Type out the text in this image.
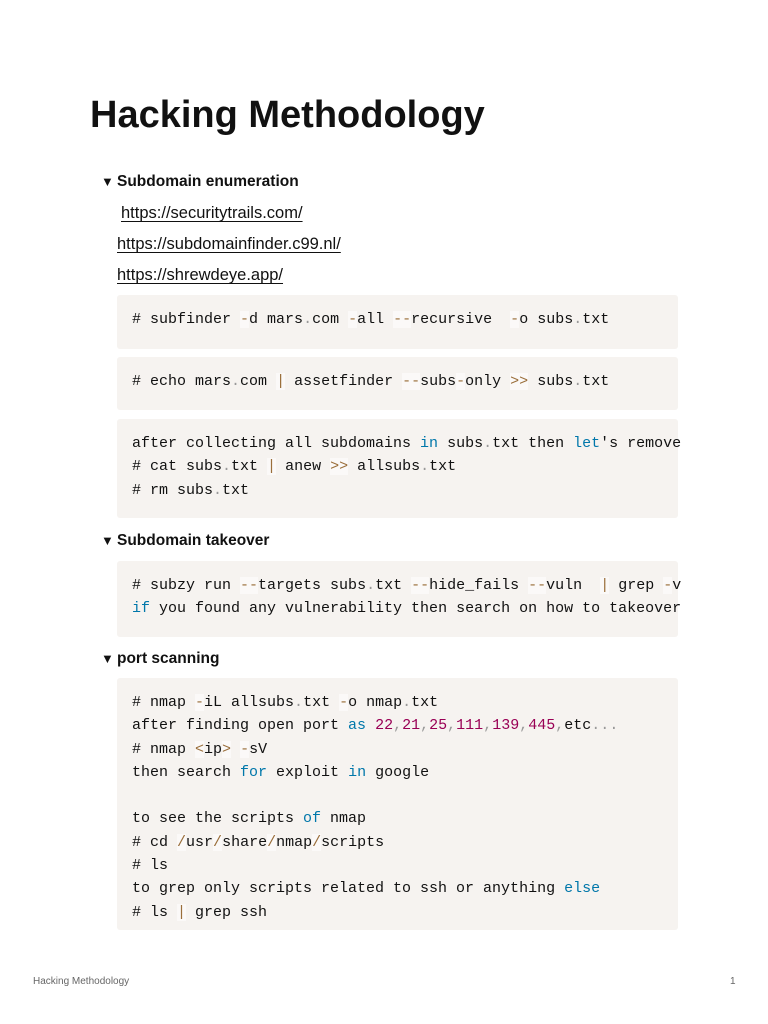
Hacking Methodology
▼ Subdomain enumeration
https://securitytrails.com/
https://subdomainfinder.c99.nl/
https://shrewdeye.app/
# subfinder -d mars.com -all --recursive  -o subs.txt
# echo mars.com | assetfinder --subs-only >> subs.txt
after collecting all subdomains in subs.txt then let's remove
# cat subs.txt | anew >> allsubs.txt
# rm subs.txt
▼ Subdomain takeover
# subzy run --targets subs.txt --hide_fails --vuln  | grep -v
if you found any vulnerability then search on how to takeover
▼ port scanning
# nmap -iL allsubs.txt -o nmap.txt
after finding open port as 22,21,25,111,139,445,etc...
# nmap <ip> -sV
then search for exploit in google
to see the scripts of nmap
# cd /usr/share/nmap/scripts
# ls
to grep only scripts related to ssh or anything else
# ls | grep ssh
Hacking Methodology	1
